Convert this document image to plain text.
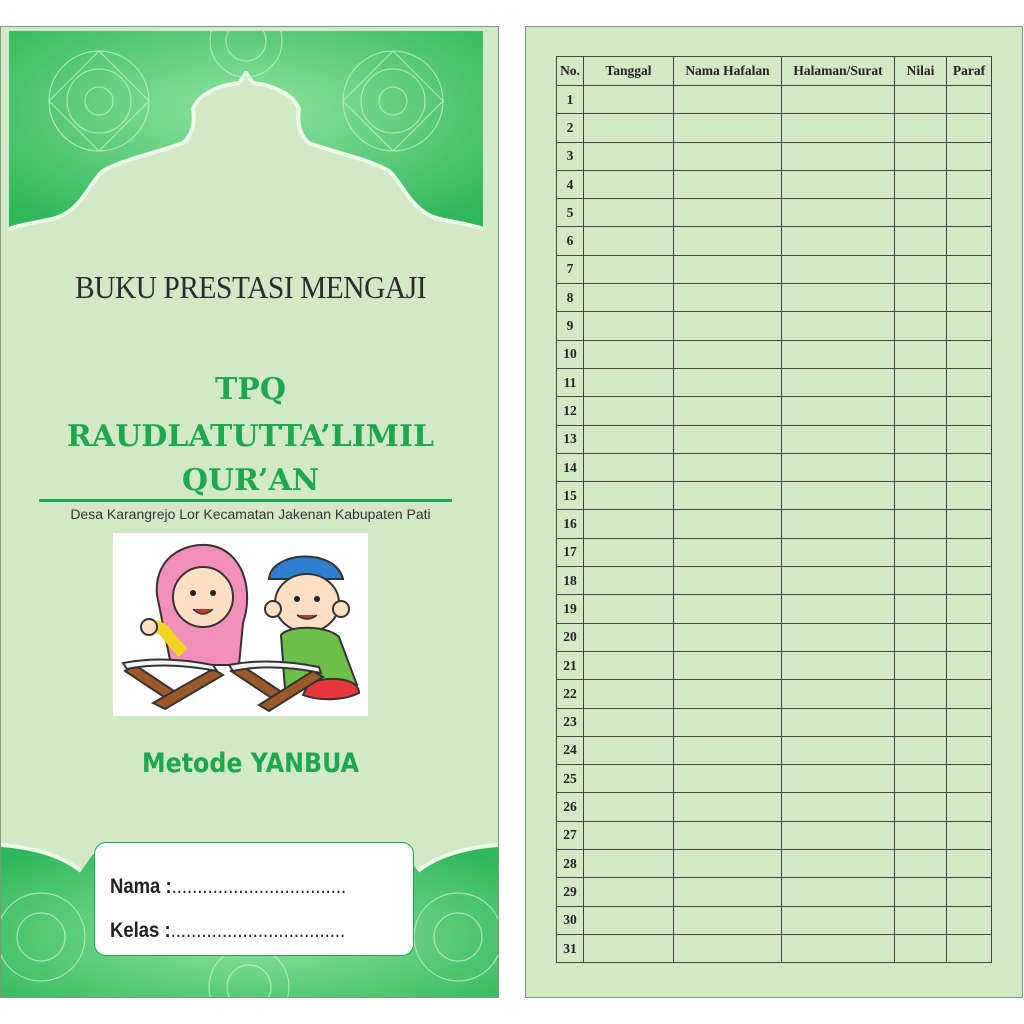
BUKU PRESTASI MENGAJI
TPQ
RAUDLATUTTA’LIMIL
QUR’AN
Desa Karangrejo Lor Kecamatan Jakenan Kabupaten Pati
Metode YANBUA
Nama :..................................
Kelas :..................................
No.	Tanggal	Nama Hafalan	Halaman/Surat	Nilai	Paraf
1					
2					
3					
4					
5					
6					
7					
8					
9					
10					
11					
12					
13					
14					
15					
16					
17					
18					
19					
20					
21					
22					
23					
24					
25					
26					
27					
28					
29					
30					
31					
